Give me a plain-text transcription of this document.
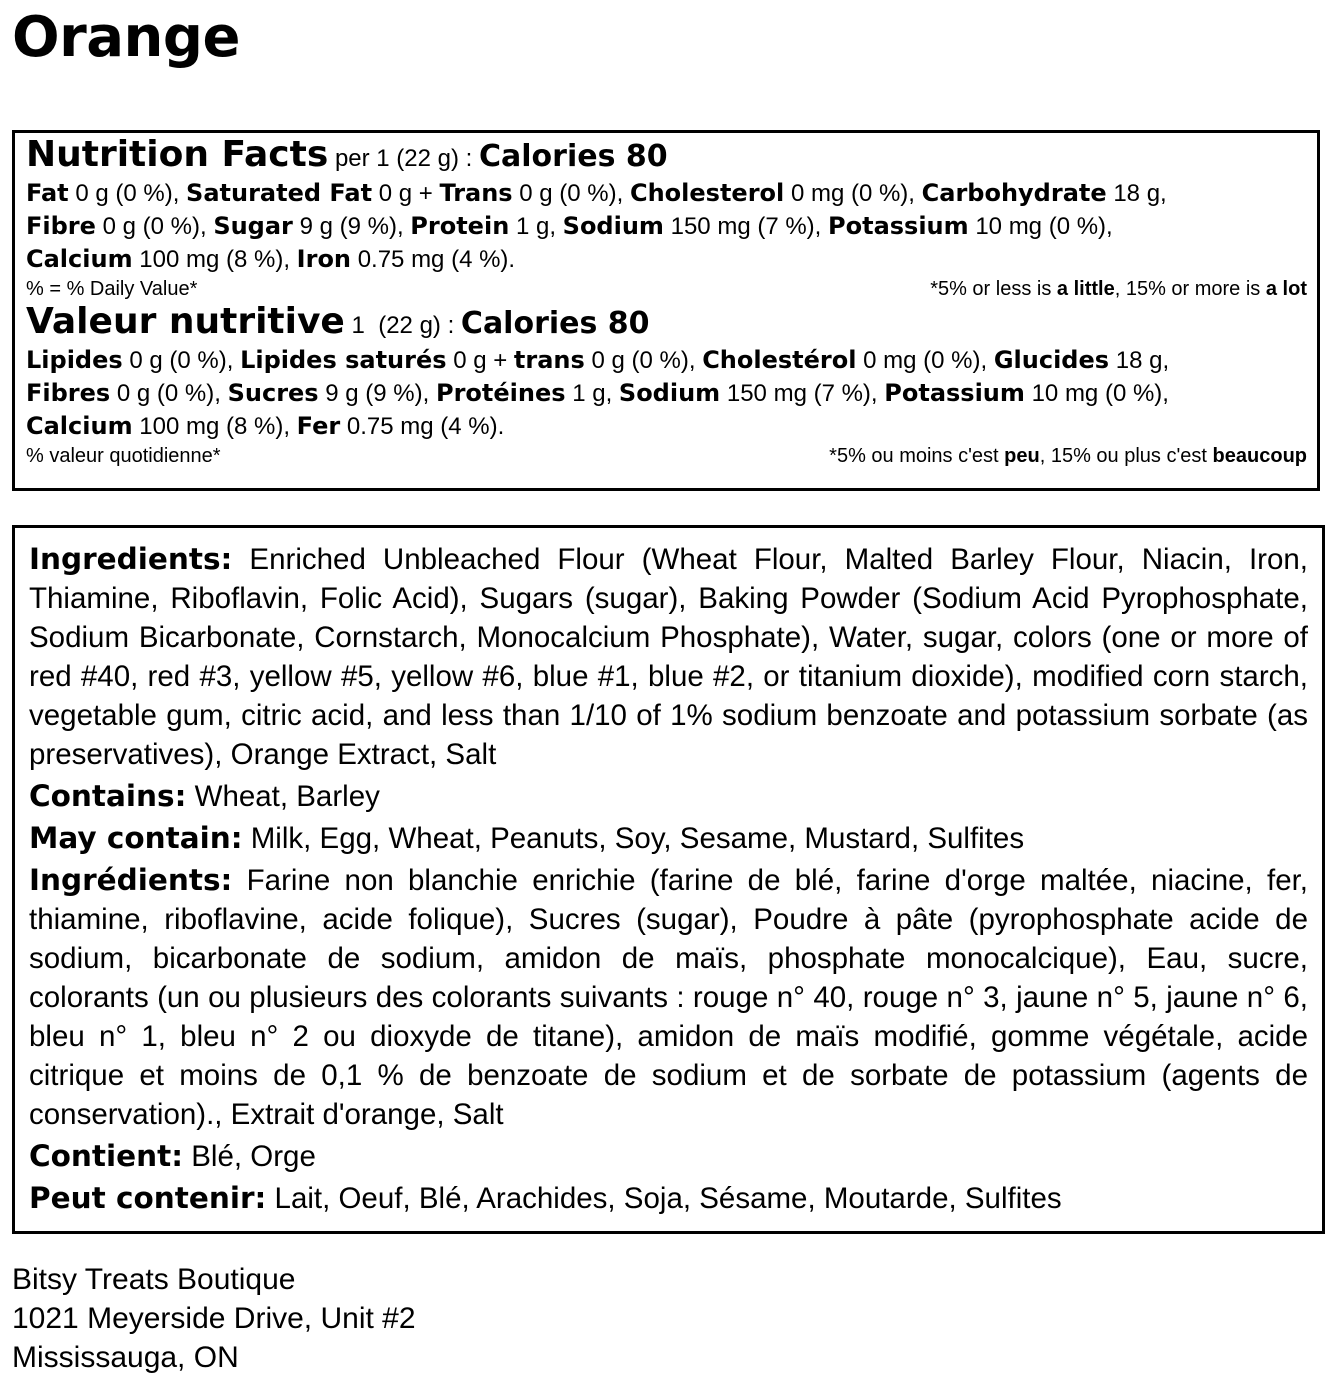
Orange
Nutrition Facts per 1 (22 g) : Calories 80
Fat 0 g (0 %), Saturated Fat 0 g + Trans 0 g (0 %), Cholesterol 0 mg (0 %), Carbohydrate 18 g,
Fibre 0 g (0 %), Sugar 9 g (9 %), Protein 1 g, Sodium 150 mg (7 %), Potassium 10 mg (0 %),
Calcium 100 mg (8 %), Iron 0.75 mg (4 %).
% = % Daily Value*	*5% or less is a little, 15% or more is a lot
Valeur nutritive 1  (22 g) : Calories 80
Lipides 0 g (0 %), Lipides saturés 0 g + trans 0 g (0 %), Cholestérol 0 mg (0 %), Glucides 18 g,
Fibres 0 g (0 %), Sucres 9 g (9 %), Protéines 1 g, Sodium 150 mg (7 %), Potassium 10 mg (0 %),
Calcium 100 mg (8 %), Fer 0.75 mg (4 %).
% valeur quotidienne*	*5% ou moins c'est peu, 15% ou plus c'est beaucoup

Ingredients: Enriched Unbleached Flour (Wheat Flour, Malted Barley Flour, Niacin, Iron, Thiamine, Riboflavin, Folic Acid), Sugars (sugar), Baking Powder (Sodium Acid Pyrophosphate, Sodium Bicarbonate, Cornstarch, Monocalcium Phosphate), Water, sugar, colors (one or more of red #40, red #3, yellow #5, yellow #6, blue #1, blue #2, or titanium dioxide), modified corn starch, vegetable gum, citric acid, and less than 1/10 of 1% sodium benzoate and potassium sorbate (as preservatives), Orange Extract, Salt

Contains: Wheat, Barley

May contain: Milk, Egg, Wheat, Peanuts, Soy, Sesame, Mustard, Sulfites

Ingrédients: Farine non blanchie enrichie (farine de blé, farine d'orge maltée, niacine, fer, thiamine, riboflavine, acide folique), Sucres (sugar), Poudre à pâte (pyrophosphate acide de sodium, bicarbonate de sodium, amidon de maïs, phosphate monocalcique), Eau, sucre, colorants (un ou plusieurs des colorants suivants : rouge n° 40, rouge n° 3, jaune n° 5, jaune n° 6, bleu n° 1, bleu n° 2 ou dioxyde de titane), amidon de maïs modifié, gomme végétale, acide citrique et moins de 0,1 % de benzoate de sodium et de sorbate de potassium (agents de conservation)., Extrait d'orange, Salt

Contient: Blé, Orge

Peut contenir: Lait, Oeuf, Blé, Arachides, Soja, Sésame, Moutarde, Sulfites

Bitsy Treats Boutique
1021 Meyerside Drive, Unit #2
Mississauga, ON
